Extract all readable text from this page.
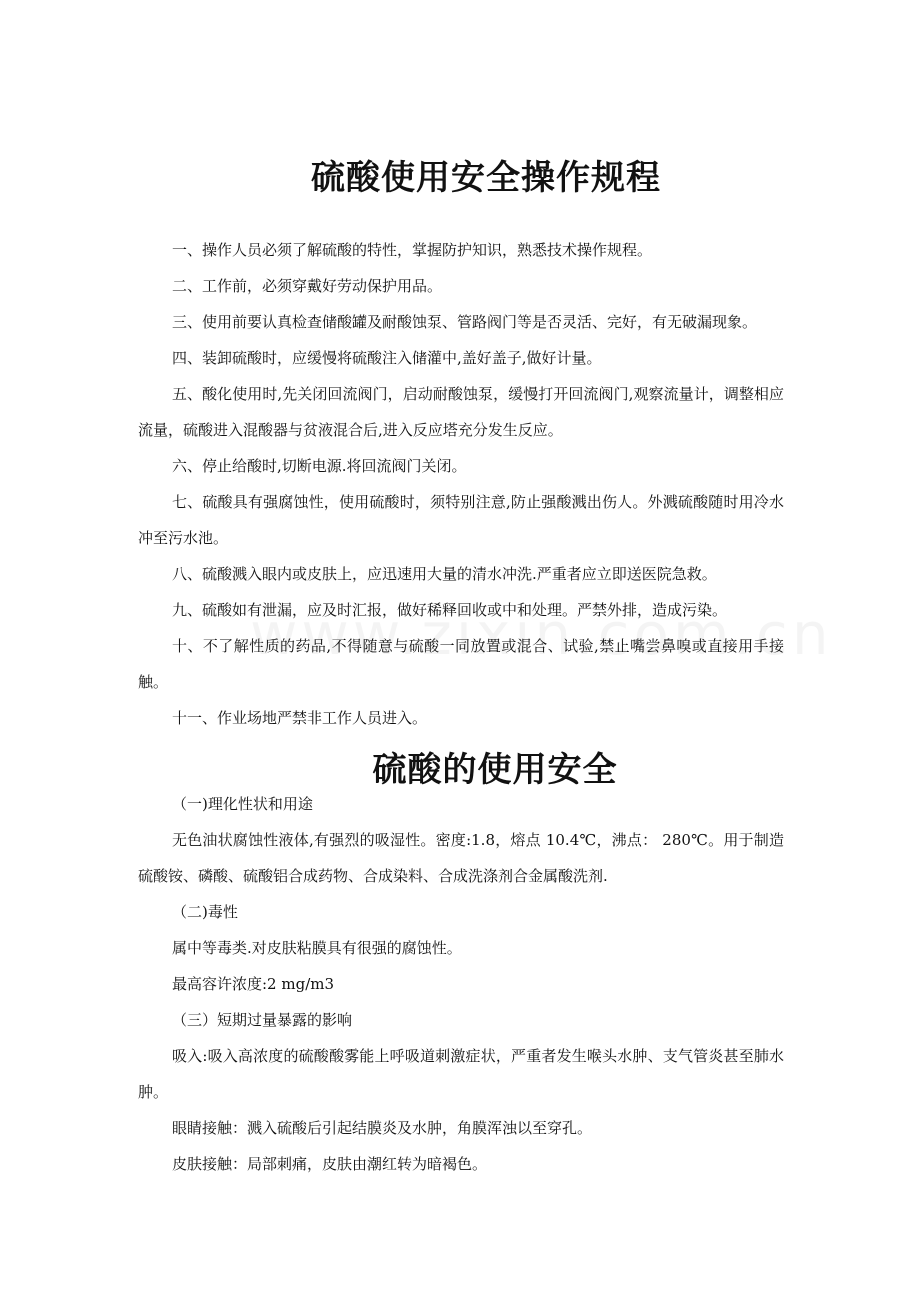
硫酸使用安全操作规程

一、操作人员必须了解硫酸的特性，掌握防护知识，熟悉技术操作规程。

二、工作前，必须穿戴好劳动保护用品。

三、使用前要认真检查储酸罐及耐酸蚀泵、管路阀门等是否灵活、完好，有无破漏现象。

四、装卸硫酸时，应缓慢将硫酸注入储灌中,盖好盖子,做好计量。

五、酸化使用时,先关闭回流阀门，启动耐酸蚀泵，缓慢打开回流阀门,观察流量计，调整相应流量，硫酸进入混酸器与贫液混合后,进入反应塔充分发生反应。

六、停止给酸时,切断电源.将回流阀门关闭。

七、硫酸具有强腐蚀性，使用硫酸时，须特别注意,防止强酸溅出伤人。外溅硫酸随时用冷水冲至污水池。

八、硫酸溅入眼内或皮肤上，应迅速用大量的清水冲洗.严重者应立即送医院急救。

九、硫酸如有泄漏，应及时汇报，做好稀释回收或中和处理。严禁外排，造成污染。

十、不了解性质的药品,不得随意与硫酸一同放置或混合、试验,禁止嘴尝鼻嗅或直接用手接触。

十一、作业场地严禁非工作人员进入。

硫酸的使用安全

（一)理化性状和用途

无色油状腐蚀性液体,有强烈的吸湿性。密度:1.8，熔点 10.4℃，沸点： 280℃。用于制造硫酸铵、磷酸、硫酸铝合成药物、合成染料、合成洗涤剂合金属酸洗剂.

（二)毒性

属中等毒类.对皮肤粘膜具有很强的腐蚀性。

最高容许浓度:2 mg/m3

（三）短期过量暴露的影响

吸入:吸入高浓度的硫酸酸雾能上呼吸道刺激症状，严重者发生喉头水肿、支气管炎甚至肺水肿。

眼睛接触：溅入硫酸后引起结膜炎及水肿，角膜浑浊以至穿孔。

皮肤接触：局部刺痛，皮肤由潮红转为暗褐色。
